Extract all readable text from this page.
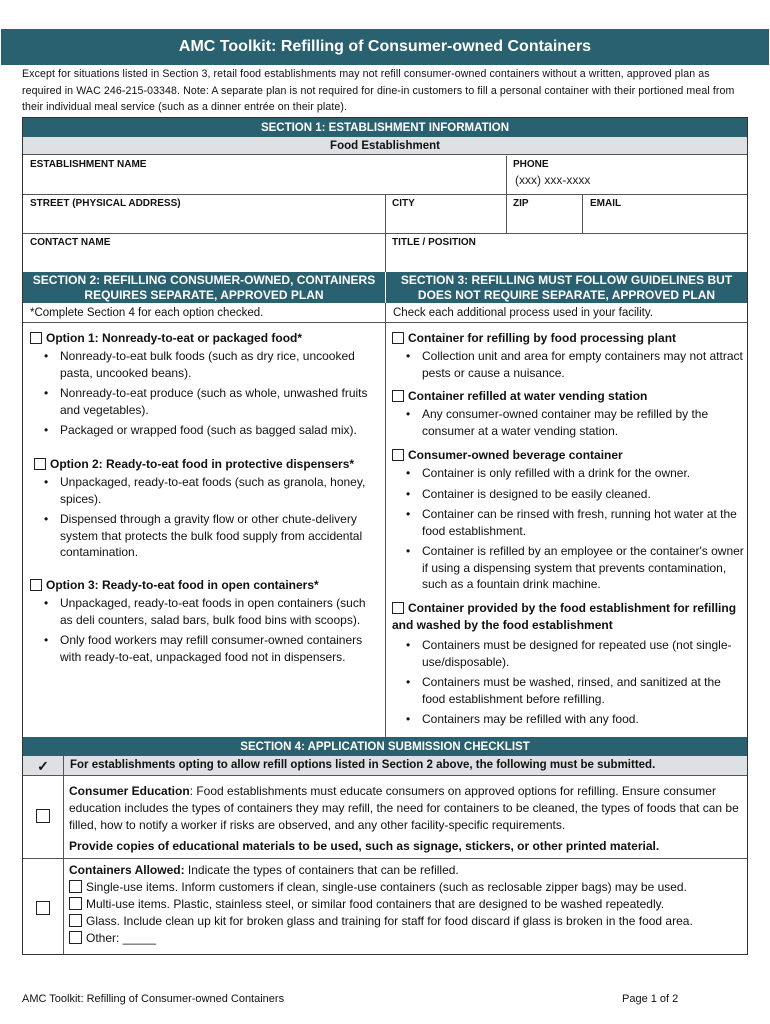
AMC Toolkit: Refilling of Consumer-owned Containers
Except for situations listed in Section 3, retail food establishments may not refill consumer-owned containers without a written, approved plan as required in WAC 246-215-03348. Note: A separate plan is not required for dine-in customers to fill a personal container with their portioned meal from their individual meal service (such as a dinner entrée on their plate).
SECTION 1: ESTABLISHMENT INFORMATION
Food Establishment
ESTABLISHMENT NAME	PHONE
(xxx) xxx-xxxx
STREET (PHYSICAL ADDRESS)	CITY	ZIP	EMAIL
CONTACT NAME	TITLE / POSITION
SECTION 2: REFILLING CONSUMER-OWNED, CONTAINERS REQUIRES SEPARATE, APPROVED PLAN
SECTION 3: REFILLING MUST FOLLOW GUIDELINES BUT DOES NOT REQUIRE SEPARATE, APPROVED PLAN
*Complete Section 4 for each option checked.	Check each additional process used in your facility.
Option 1: Nonready-to-eat or packaged food*
• Nonready-to-eat bulk foods (such as dry rice, uncooked pasta, uncooked beans).
• Nonready-to-eat produce (such as whole, unwashed fruits and vegetables).
• Packaged or wrapped food (such as bagged salad mix).
Option 2: Ready-to-eat food in protective dispensers*
• Unpackaged, ready-to-eat foods (such as granola, honey, spices).
• Dispensed through a gravity flow or other chute-delivery system that protects the bulk food supply from accidental contamination.
Option 3: Ready-to-eat food in open containers*
• Unpackaged, ready-to-eat foods in open containers (such as deli counters, salad bars, bulk food bins with scoops).
• Only food workers may refill consumer-owned containers with ready-to-eat, unpackaged food not in dispensers.
Container for refilling by food processing plant
• Collection unit and area for empty containers may not attract pests or cause a nuisance.
Container refilled at water vending station
• Any consumer-owned container may be refilled by the consumer at a water vending station.
Consumer-owned beverage container
• Container is only refilled with a drink for the owner.
• Container is designed to be easily cleaned.
• Container can be rinsed with fresh, running hot water at the food establishment.
• Container is refilled by an employee or the container's owner if using a dispensing system that prevents contamination, such as a fountain drink machine.
Container provided by the food establishment for refilling and washed by the food establishment
• Containers must be designed for repeated use (not single-use/disposable).
• Containers must be washed, rinsed, and sanitized at the food establishment before refilling.
• Containers may be refilled with any food.
SECTION 4: APPLICATION SUBMISSION CHECKLIST
✓	For establishments opting to allow refill options listed in Section 2 above, the following must be submitted.
Consumer Education: Food establishments must educate consumers on approved options for refilling. Ensure consumer education includes the types of containers they may refill, the need for containers to be cleaned, the types of foods that can be filled, how to notify a worker if risks are observed, and any other facility-specific requirements.
Provide copies of educational materials to be used, such as signage, stickers, or other printed material.
Containers Allowed: Indicate the types of containers that can be refilled.
Single-use items. Inform customers if clean, single-use containers (such as reclosable zipper bags) may be used.
Multi-use items. Plastic, stainless steel, or similar food containers that are designed to be washed repeatedly.
Glass. Include clean up kit for broken glass and training for staff for food discard if glass is broken in the food area.
Other: _____
AMC Toolkit: Refilling of Consumer-owned Containers	Page 1 of 2
